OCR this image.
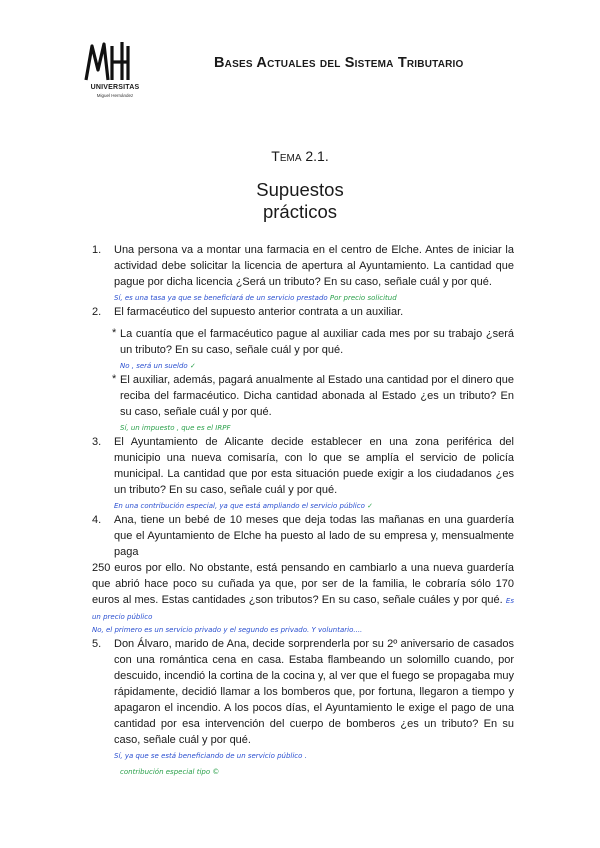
UNIVERSITAS
Miguel Hernández
Bases Actuales del Sistema Tributario
Tema 2.1.
Supuestos
prácticos
1. Una persona va a montar una farmacia en el centro de Elche. Antes de iniciar la actividad debe solicitar la licencia de apertura al Ayuntamiento. La cantidad que pague por dicha licencia ¿Será un tributo? En su caso, señale cuál y por qué.
Sí, es una tasa ya que se beneficiará de un servicio prestado Por precio solicitud
2. El farmacéutico del supuesto anterior contrata a un auxiliar.
* La cuantía que el farmacéutico pague al auxiliar cada mes por su trabajo ¿será un tributo? En su caso, señale cuál y por qué.
No , será un sueldo ✓
* El auxiliar, además, pagará anualmente al Estado una cantidad por el dinero que reciba del farmacéutico. Dicha cantidad abonada al Estado ¿es un tributo? En su caso, señale cuál y por qué.
Sí, un impuesto , que es el IRPF
3. El Ayuntamiento de Alicante decide establecer en una zona periférica del municipio una nueva comisaría, con lo que se amplía el servicio de policía municipal. La cantidad que por esta situación puede exigir a los ciudadanos ¿es un tributo? En su caso, señale cuál y por qué.
En una contribución especial, ya que está ampliando el servicio público ✓
4. Ana, tiene un bebé de 10 meses que deja todas las mañanas en una guardería que el Ayuntamiento de Elche ha puesto al lado de su empresa y, mensualmente paga
250 euros por ello. No obstante, está pensando en cambiarlo a una nueva guardería que abrió hace poco su cuñada ya que, por ser de la familia, le cobraría sólo 170 euros al mes. Estas cantidades ¿son tributos? En su caso, señale cuáles y por qué. Es un precio público
No, el primero es un servicio privado y el segundo es privado. Y voluntario....
5. Don Álvaro, marido de Ana, decide sorprenderla por su 2º aniversario de casados con una romántica cena en casa. Estaba flambeando un solomillo cuando, por descuido, incendió la cortina de la cocina y, al ver que el fuego se propagaba muy rápidamente, decidió llamar a los bomberos que, por fortuna, llegaron a tiempo y apagaron el incendio. A los pocos días, el Ayuntamiento le exige el pago de una cantidad por esa intervención del cuerpo de bomberos ¿es un tributo? En su caso, señale cuál y por qué.
Sí, ya que se está beneficiando de un servicio público .
contribución especial tipo ©
